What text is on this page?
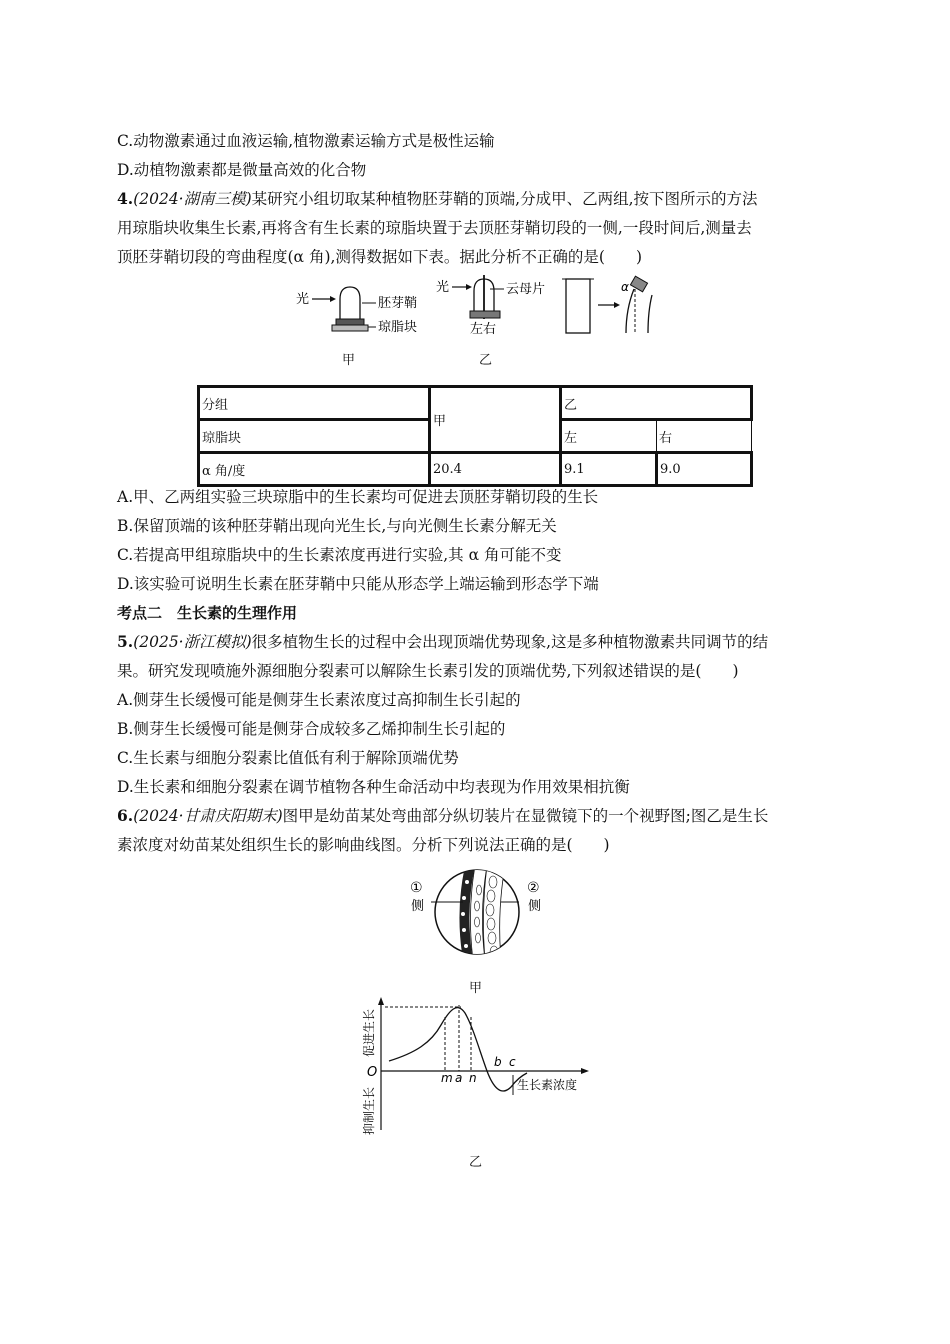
C.动物激素通过血液运输,植物激素运输方式是极性运输
D.动植物激素都是微量高效的化合物
4.(2024·湖南三模)某研究小组切取某种植物胚芽鞘的顶端,分成甲、乙两组,按下图所示的方法
用琼脂块收集生长素,再将含有生长素的琼脂块置于去顶胚芽鞘切段的一侧,一段时间后,测量去
顶胚芽鞘切段的弯曲程度(α 角),测得数据如下表。据此分析不正确的是(　　)
光	胚芽鞘
琼脂块
光	云母片
左右
α
甲	乙
分组	甲	乙	
琼脂块		左	右
α 角/度	20.4	9.1	9.0
A.甲、乙两组实验三块琼脂中的生长素均可促进去顶胚芽鞘切段的生长
B.保留顶端的该种胚芽鞘出现向光生长,与向光侧生长素分解无关
C.若提高甲组琼脂块中的生长素浓度再进行实验,其 α 角可能不变
D.该实验可说明生长素在胚芽鞘中只能从形态学上端运输到形态学下端
考点二　生长素的生理作用
5.(2025·浙江模拟)很多植物生长的过程中会出现顶端优势现象,这是多种植物激素共同调节的结
果。研究发现喷施外源细胞分裂素可以解除生长素引发的顶端优势,下列叙述错误的是(　　)
A.侧芽生长缓慢可能是侧芽生长素浓度过高抑制生长引起的
B.侧芽生长缓慢可能是侧芽合成较多乙烯抑制生长引起的
C.生长素与细胞分裂素比值低有利于解除顶端优势
D.生长素和细胞分裂素在调节植物各种生命活动中均表现为作用效果相抗衡
6.(2024·甘肃庆阳期末)图甲是幼苗某处弯曲部分纵切装片在显微镜下的一个视野图;图乙是生长
素浓度对幼苗某处组织生长的影响曲线图。分析下列说法正确的是(　　)
①
侧
②
侧
甲
m a n
b c
O
生长素浓度
促进生长
抑制生长
乙
